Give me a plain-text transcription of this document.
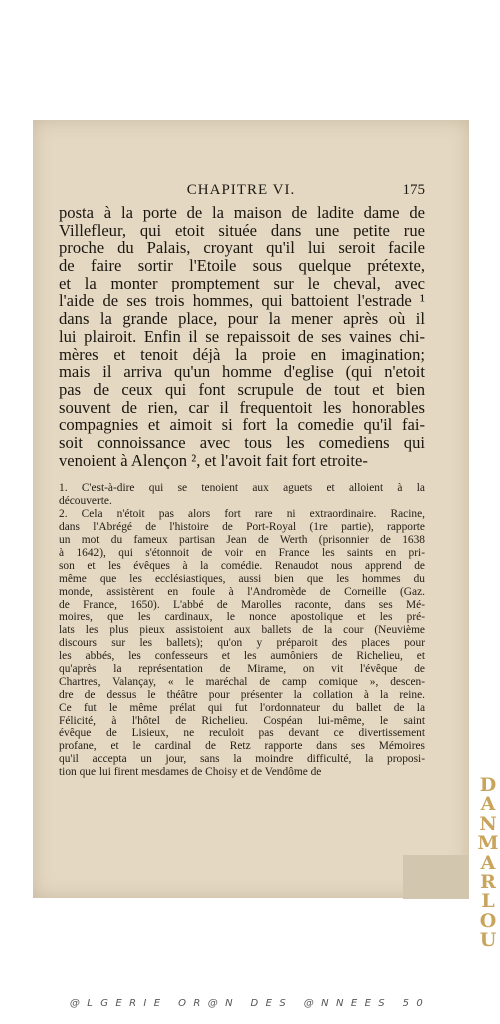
CHAPITRE VI.	175
posta à la porte de la maison de ladite dame de
Villefleur, qui etoit située dans une petite rue
proche du Palais, croyant qu'il lui seroit facile
de faire sortir l'Etoile sous quelque prétexte,
et la monter promptement sur le cheval, avec
l'aide de ses trois hommes, qui battoient l'estrade ¹
dans la grande place, pour la mener après où il
lui plairoit. Enfin il se repaissoit de ses vaines chi-
mères et tenoit déjà la proie en imagination;
mais il arriva qu'un homme d'eglise (qui n'etoit
pas de ceux qui font scrupule de tout et bien
souvent de rien, car il frequentoit les honorables
compagnies et aimoit si fort la comedie qu'il fai-
soit connoissance avec tous les comediens qui
venoient à Alençon ², et l'avoit fait fort etroite-
1. C'est-à-dire qui se tenoient aux aguets et alloient à la
découverte.
2. Cela n'étoit pas alors fort rare ni extraordinaire. Racine,
dans l'Abrégé de l'histoire de Port-Royal (1re partie), rapporte
un mot du fameux partisan Jean de Werth (prisonnier de 1638
à 1642), qui s'étonnoit de voir en France les saints en pri-
son et les évêques à la comédie. Renaudot nous apprend de
même que les ecclésiastiques, aussi bien que les hommes du
monde, assistèrent en foule à l'Andromède de Corneille (Gaz.
de France, 1650). L'abbé de Marolles raconte, dans ses Mé-
moires, que les cardinaux, le nonce apostolique et les pré-
lats les plus pieux assistoient aux ballets de la cour (Neuvième
discours sur les ballets); qu'on y préparoit des places pour
les abbés, les confesseurs et les aumôniers de Richelieu, et
qu'après la représentation de Mirame, on vit l'évêque de
Chartres, Valançay, « le maréchal de camp comique », descen-
dre de dessus le théâtre pour présenter la collation à la reine.
Ce fut le même prélat qui fut l'ordonnateur du ballet de la
Félicité, à l'hôtel de Richelieu. Cospéan lui-même, le saint
évêque de Lisieux, ne reculoit pas devant ce divertissement
profane, et le cardinal de Retz rapporte dans ses Mémoires
qu'il accepta un jour, sans la moindre difficulté, la proposi-
tion que lui firent mesdames de Choisy et de Vendôme de
D
A
N
M
A
R
L
O
U
@LGERIE OR@N DES @NNEES 50
